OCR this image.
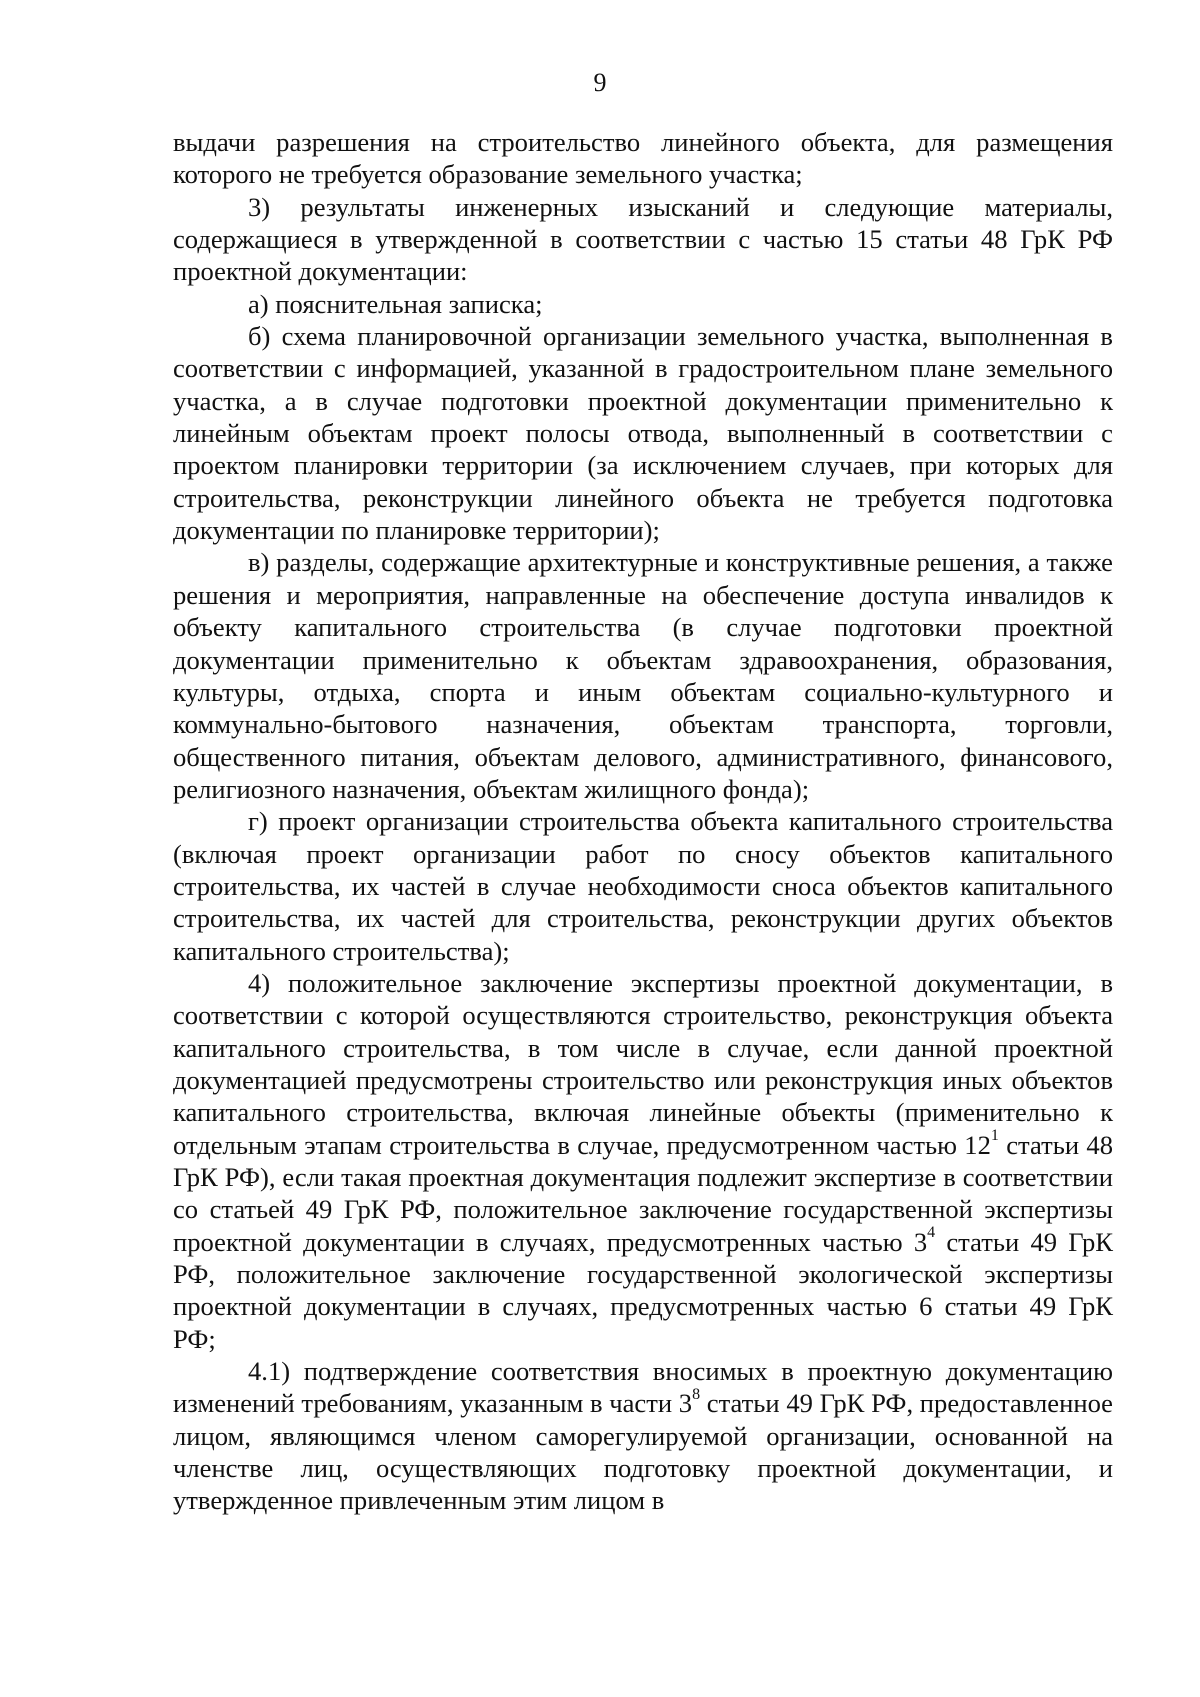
9

выдачи разрешения на строительство линейного объекта, для размещения которого не требуется образование земельного участка;

3) результаты инженерных изысканий и следующие материалы, содержащиеся в утвержденной в соответствии с частью 15 статьи 48 ГрК РФ проектной документации:

а) пояснительная записка;

б) схема планировочной организации земельного участка, выполненная в соответствии с информацией, указанной в градостроительном плане земельного участка, а в случае подготовки проектной документации применительно к линейным объектам проект полосы отвода, выполненный в соответствии с проектом планировки территории (за исключением случаев, при которых для строительства, реконструкции линейного объекта не требуется подготовка документации по планировке территории);

в) разделы, содержащие архитектурные и конструктивные решения, а также решения и мероприятия, направленные на обеспечение доступа инвалидов к объекту капитального строительства (в случае подготовки проектной документации применительно к объектам здравоохранения, образования, культуры, отдыха, спорта и иным объектам социально-культурного и коммунально-бытового назначения, объектам транспорта, торговли, общественного питания, объектам делового, административного, финансового, религиозного назначения, объектам жилищного фонда);

г) проект организации строительства объекта капитального строительства (включая проект организации работ по сносу объектов капитального строительства, их частей в случае необходимости сноса объектов капитального строительства, их частей для строительства, реконструкции других объектов капитального строительства);

4) положительное заключение экспертизы проектной документации, в соответствии с которой осуществляются строительство, реконструкция объекта капитального строительства, в том числе в случае, если данной проектной документацией предусмотрены строительство или реконструкция иных объектов капитального строительства, включая линейные объекты (применительно к отдельным этапам строительства в случае, предусмотренном частью $12^1$ статьи 48 ГрК РФ), если такая проектная документация подлежит экспертизе в соответствии со статьей 49 ГрК РФ, положительное заключение государственной экспертизы проектной документации в случаях, предусмотренных частью $3^4$ статьи 49 ГрК РФ, положительное заключение государственной экологической экспертизы проектной документации в случаях, предусмотренных частью 6 статьи 49 ГрК РФ;

4.1) подтверждение соответствия вносимых в проектную документацию изменений требованиям, указанным в части $3^8$ статьи 49 ГрК РФ, предоставленное лицом, являющимся членом саморегулируемой организации, основанной на членстве лиц, осуществляющих подготовку проектной документации, и утвержденное привлеченным этим лицом в
